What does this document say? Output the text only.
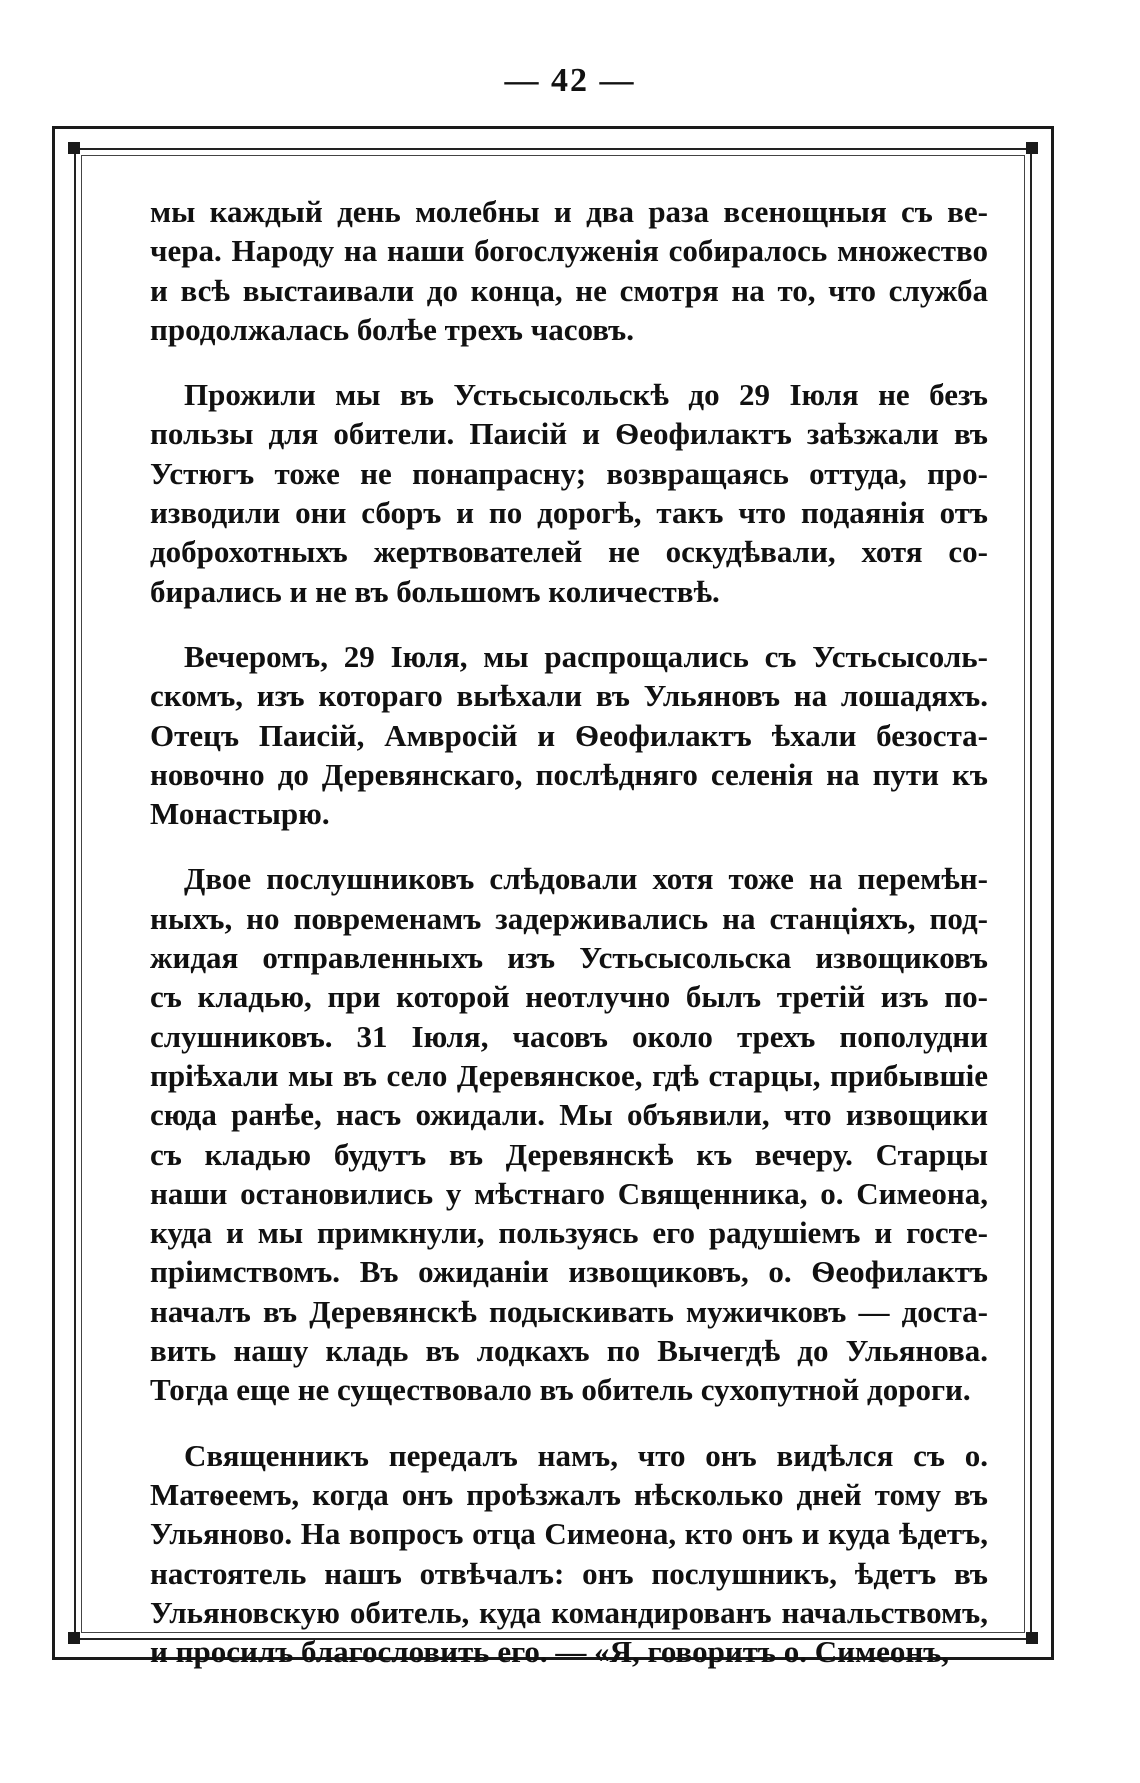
— 42 —
мы каждый день молебны и два раза всенощныя съ ве-
чера. Народу на наши богослуженія собиралось множество
и всѣ выстаивали до конца, не смотря на то, что служба
продолжалась болѣе трехъ часовъ.
Прожили мы въ Устьсысольскѣ до 29 Іюля не безъ
пользы для обители. Паисій и Ѳеофилактъ заѣзжали въ
Устюгъ тоже не понапрасну; возвращаясь оттуда, про-
изводили они сборъ и по дорогѣ, такъ что подаянія отъ
доброхотныхъ жертвователей не оскудѣвали, хотя со-
бирались и не въ большомъ количествѣ.
Вечеромъ, 29 Іюля, мы распрощались съ Устьсысоль-
скомъ, изъ котораго выѣхали въ Ульяновъ на лошадяхъ.
Отецъ Паисій, Амвросій и Ѳеофилактъ ѣхали безоста-
новочно до Деревянскаго, послѣдняго селенія на пути къ
Монастырю.
Двое послушниковъ слѣдовали хотя тоже на перемѣн-
ныхъ, но повременамъ задерживались на станціяхъ, под-
жидая отправленныхъ изъ Устьсысольска извощиковъ
съ кладью, при которой неотлучно былъ третій изъ по-
слушниковъ. 31 Іюля, часовъ около трехъ пополудни
пріѣхали мы въ село Деревянское, гдѣ старцы, прибывшіе
сюда ранѣе, насъ ожидали. Мы объявили, что извощики
съ кладью будутъ въ Деревянскѣ къ вечеру. Старцы
наши остановились у мѣстнаго Священника, о. Симеона,
куда и мы примкнули, пользуясь его радушіемъ и госте-
пріимствомъ. Въ ожиданіи извощиковъ, о. Ѳеофилактъ
началъ въ Деревянскѣ подыскивать мужичковъ — доста-
вить нашу кладь въ лодкахъ по Вычегдѣ до Ульянова.
Тогда еще не существовало въ обитель сухопутной дороги.
Священникъ передалъ намъ, что онъ видѣлся съ о.
Матѳеемъ, когда онъ проѣзжалъ нѣсколько дней тому въ
Ульяново. На вопросъ отца Симеона, кто онъ и куда ѣдетъ,
настоятель нашъ отвѣчалъ: онъ послушникъ, ѣдетъ въ
Ульяновскую обитель, куда командированъ начальствомъ,
и просилъ благословить его. — «Я, говоритъ о. Симеонъ,
